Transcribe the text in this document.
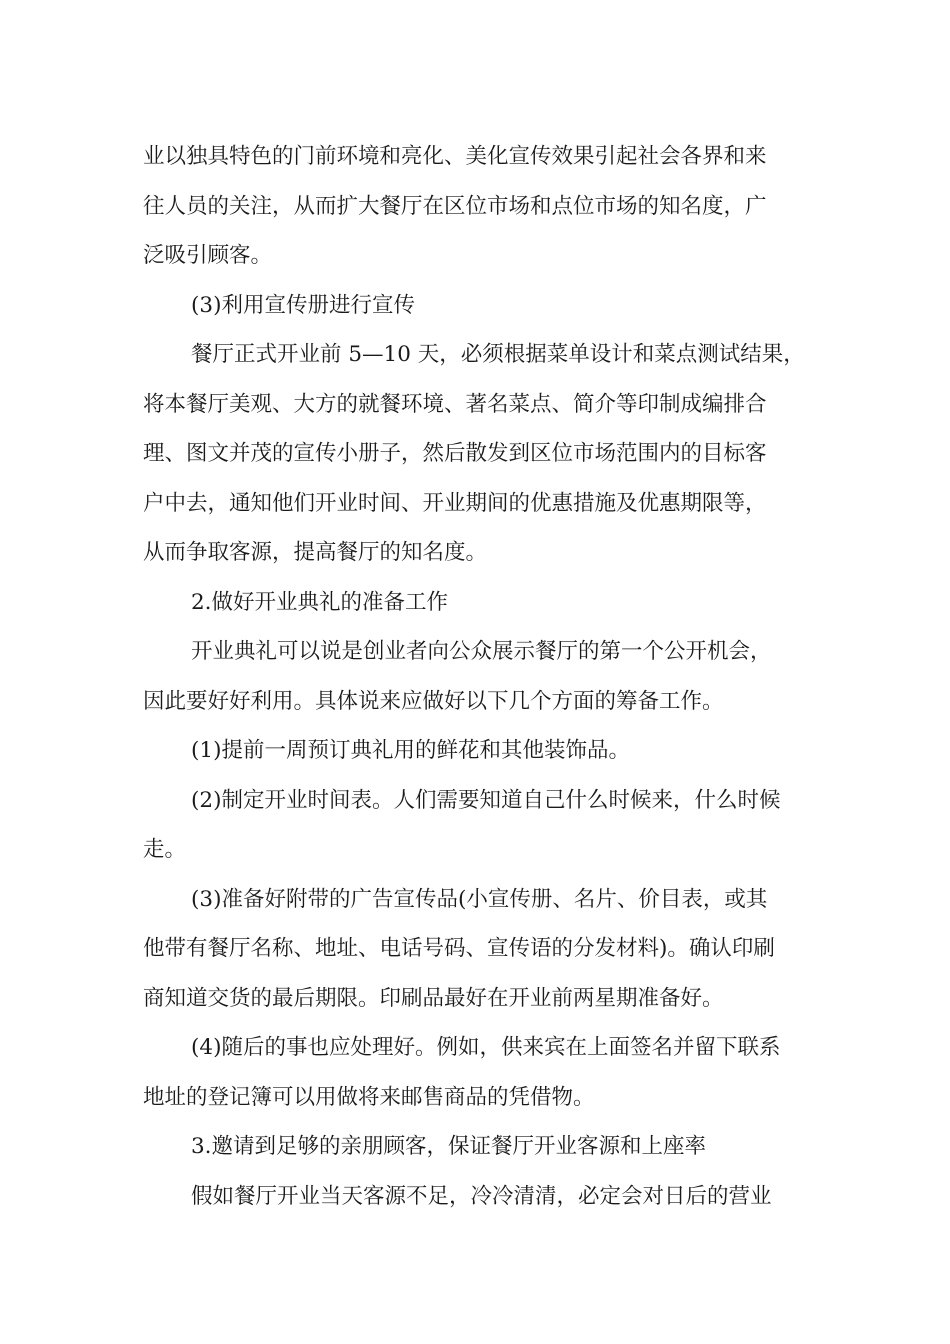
业以独具特色的门前环境和亮化、美化宣传效果引起社会各界和来
往人员的关注，从而扩大餐厅在区位市场和点位市场的知名度，广
泛吸引顾客。
(3)利用宣传册进行宣传
餐厅正式开业前 5—10 天，必须根据菜单设计和菜点测试结果，
将本餐厅美观、大方的就餐环境、著名菜点、简介等印制成编排合
理、图文并茂的宣传小册子，然后散发到区位市场范围内的目标客
户中去，通知他们开业时间、开业期间的优惠措施及优惠期限等，
从而争取客源，提高餐厅的知名度。
2.做好开业典礼的准备工作
开业典礼可以说是创业者向公众展示餐厅的第一个公开机会，
因此要好好利用。具体说来应做好以下几个方面的筹备工作。
(1)提前一周预订典礼用的鲜花和其他装饰品。
(2)制定开业时间表。人们需要知道自己什么时候来，什么时候
走。
(3)准备好附带的广告宣传品(小宣传册、名片、价目表，或其
他带有餐厅名称、地址、电话号码、宣传语的分发材料)。确认印刷
商知道交货的最后期限。印刷品最好在开业前两星期准备好。
(4)随后的事也应处理好。例如，供来宾在上面签名并留下联系
地址的登记簿可以用做将来邮售商品的凭借物。
3.邀请到足够的亲朋顾客，保证餐厅开业客源和上座率
假如餐厅开业当天客源不足，冷冷清清，必定会对日后的营业
